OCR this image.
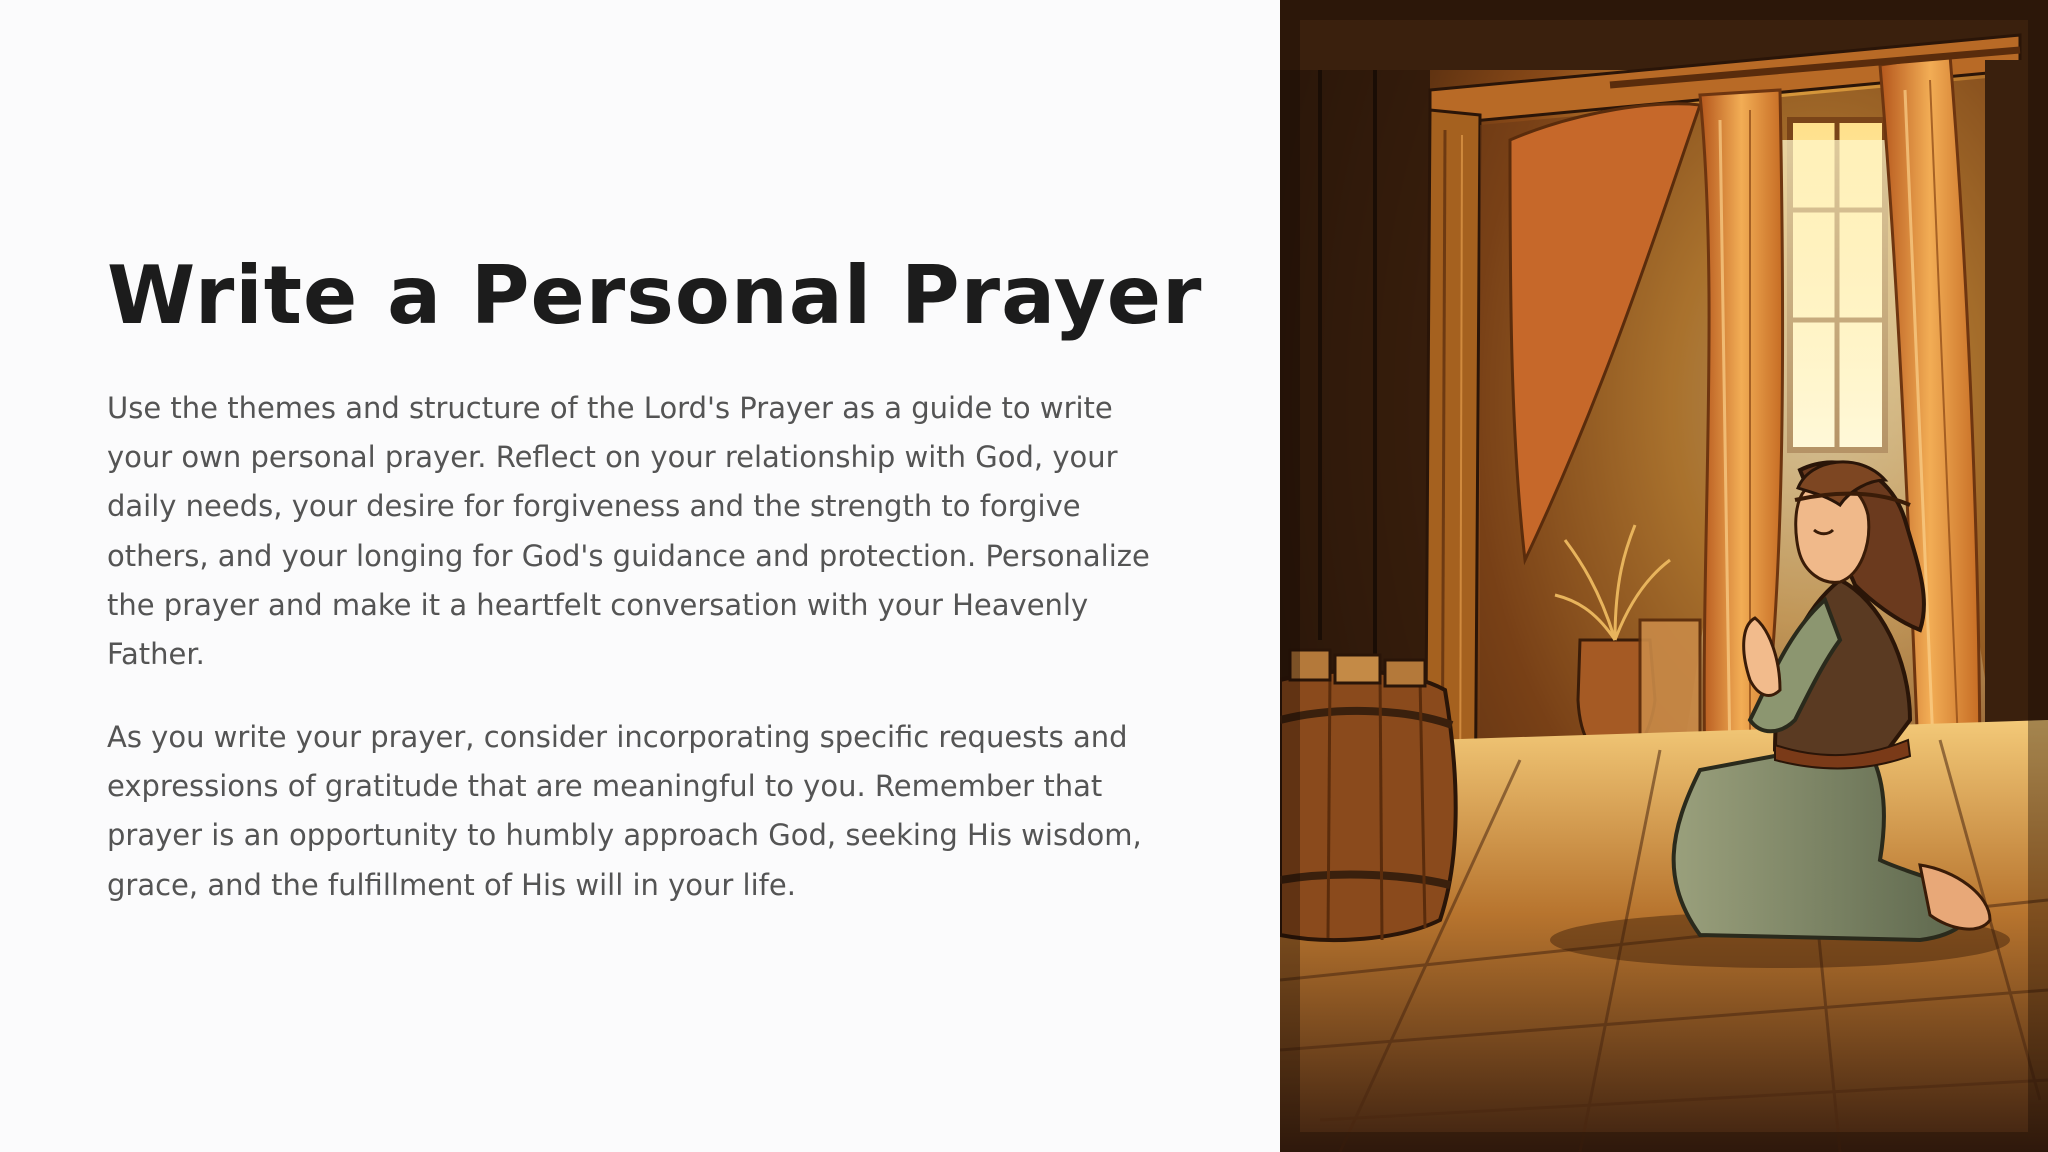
Write a Personal Prayer

Use the themes and structure of the Lord's Prayer as a guide to write your own personal prayer. Reflect on your relationship with God, your daily needs, your desire for forgiveness and the strength to forgive others, and your longing for God's guidance and protection. Personalize the prayer and make it a heartfelt conversation with your Heavenly Father.

As you write your prayer, consider incorporating specific requests and expressions of gratitude that are meaningful to you. Remember that prayer is an opportunity to humbly approach God, seeking His wisdom, grace, and the fulfillment of His will in your life.
